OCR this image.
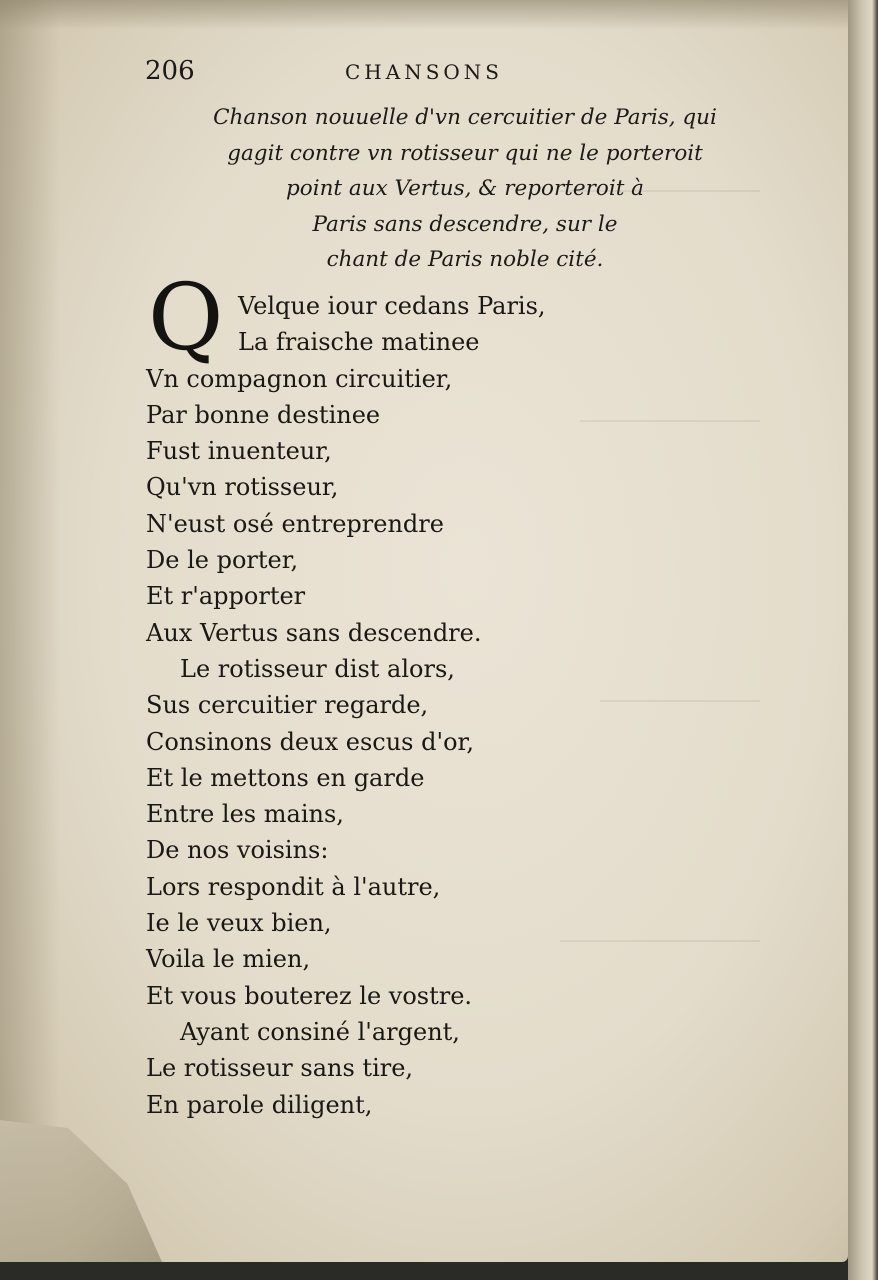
206	CHANSONS
Chanson nouuelle d'vn cercuitier de Paris, qui
gagit contre vn rotisseur qui ne le porteroit
point aux Vertus, & reporteroit à
Paris sans descendre, sur le
chant de Paris noble cité.
Q Velque iour cedans Paris,
La fraische matinee
Vn compagnon circuitier,
Par bonne destinee
Fust inuenteur,
Qu'vn rotisseur,
N'eust osé entreprendre
De le porter,
Et r'apporter
Aux Vertus sans descendre.
Le rotisseur dist alors,
Sus cercuitier regarde,
Consinons deux escus d'or,
Et le mettons en garde
Entre les mains,
De nos voisins:
Lors respondit à l'autre,
Ie le veux bien,
Voila le mien,
Et vous bouterez le vostre.
Ayant consiné l'argent,
Le rotisseur sans tire,
En parole diligent,
